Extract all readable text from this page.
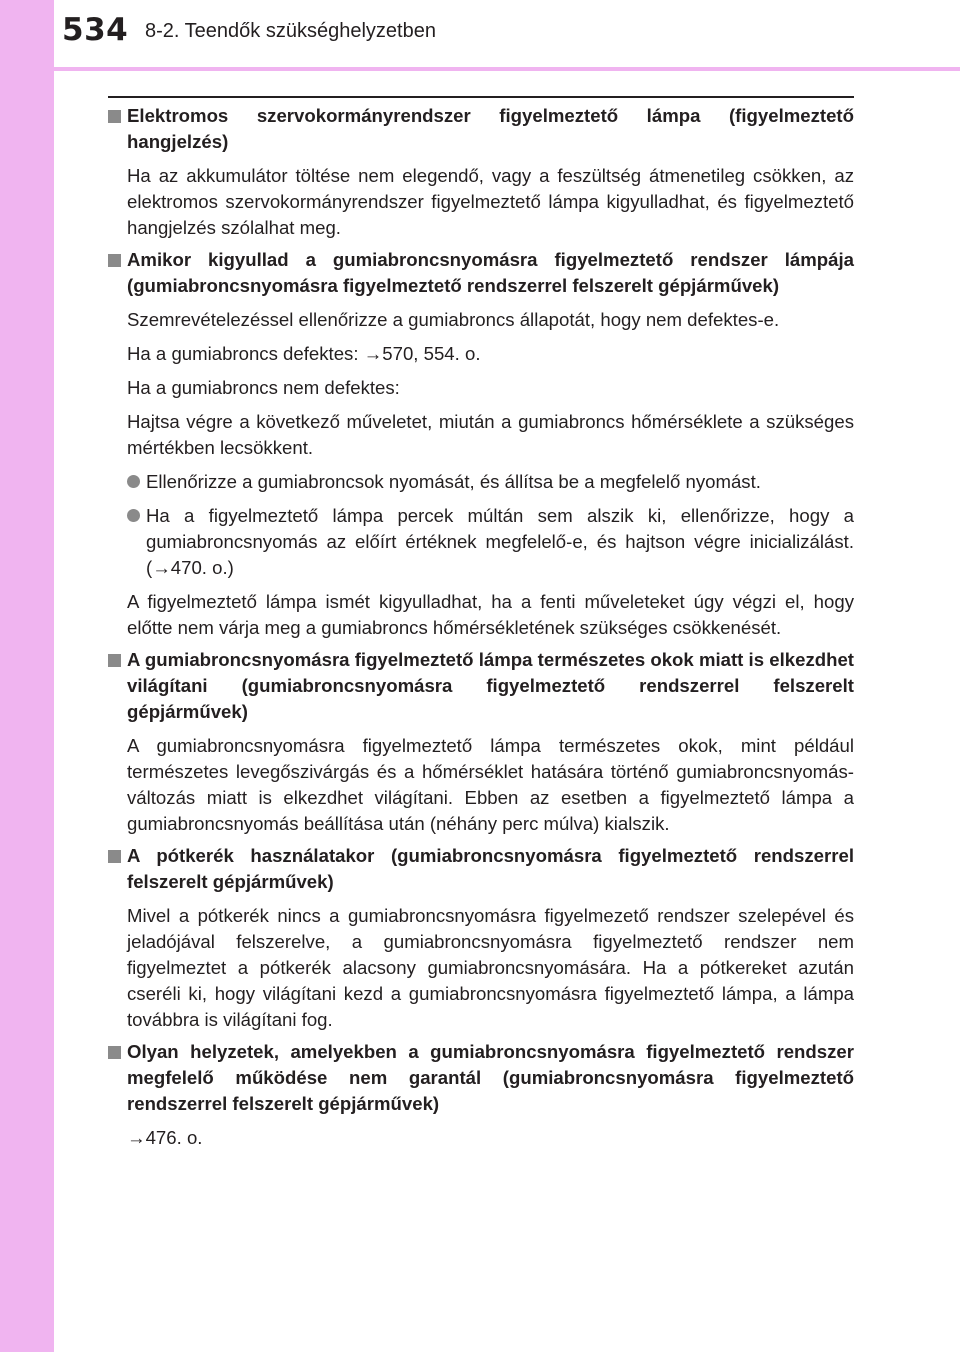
534 8-2. Teendők szükséghelyzetben
Elektromos szervokormányrendszer figyelmeztető lámpa (figyelmeztető hangjelzés)
Ha az akkumulátor töltése nem elegendő, vagy a feszültség átmenetileg csökken, az elektromos szervokormányrendszer figyelmeztető lámpa kigyulladhat, és figyelmeztető hangjelzés szólalhat meg.
Amikor kigyullad a gumiabroncsnyomásra figyelmeztető rendszer lámpája (gumiabroncsnyomásra figyelmeztető rendszerrel felszerelt gépjárművek)
Szemrevételezéssel ellenőrizze a gumiabroncs állapotát, hogy nem defektes-e.
Ha a gumiabroncs defektes: →570, 554. o.
Ha a gumiabroncs nem defektes:
Hajtsa végre a következő műveletet, miután a gumiabroncs hőmérséklete a szükséges mértékben lecsökkent.
Ellenőrizze a gumiabroncsok nyomását, és állítsa be a megfelelő nyomást.
Ha a figyelmeztető lámpa percek múltán sem alszik ki, ellenőrizze, hogy a gumiabroncsnyomás az előírt értéknek megfelelő-e, és hajtson végre inicializálást. (→470. o.)
A figyelmeztető lámpa ismét kigyulladhat, ha a fenti műveleteket úgy végzi el, hogy előtte nem várja meg a gumiabroncs hőmérsékletének szükséges csökkenését.
A gumiabroncsnyomásra figyelmeztető lámpa természetes okok miatt is elkezdhet világítani (gumiabroncsnyomásra figyelmeztető rendszerrel felszerelt gépjárművek)
A gumiabroncsnyomásra figyelmeztető lámpa természetes okok, mint például természetes levegőszivárgás és a hőmérséklet hatására történő gumiabroncsnyomás-változás miatt is elkezdhet világítani. Ebben az esetben a figyelmeztető lámpa a gumiabroncsnyomás beállítása után (néhány perc múlva) kialszik.
A pótkerék használatakor (gumiabroncsnyomásra figyelmeztető rendszerrel felszerelt gépjárművek)
Mivel a pótkerék nincs a gumiabroncsnyomásra figyelmezető rendszer szelepével és jeladójával felszerelve, a gumiabroncsnyomásra figyelmeztető rendszer nem figyelmeztet a pótkerék alacsony gumiabroncsnyomására. Ha a pótkereket azután cseréli ki, hogy világítani kezd a gumiabroncsnyomásra figyelmeztető lámpa, a lámpa továbbra is világítani fog.
Olyan helyzetek, amelyekben a gumiabroncsnyomásra figyelmeztető rendszer megfelelő működése nem garantál (gumiabroncsnyomásra figyelmeztető rendszerrel felszerelt gépjárművek)
→476. o.
